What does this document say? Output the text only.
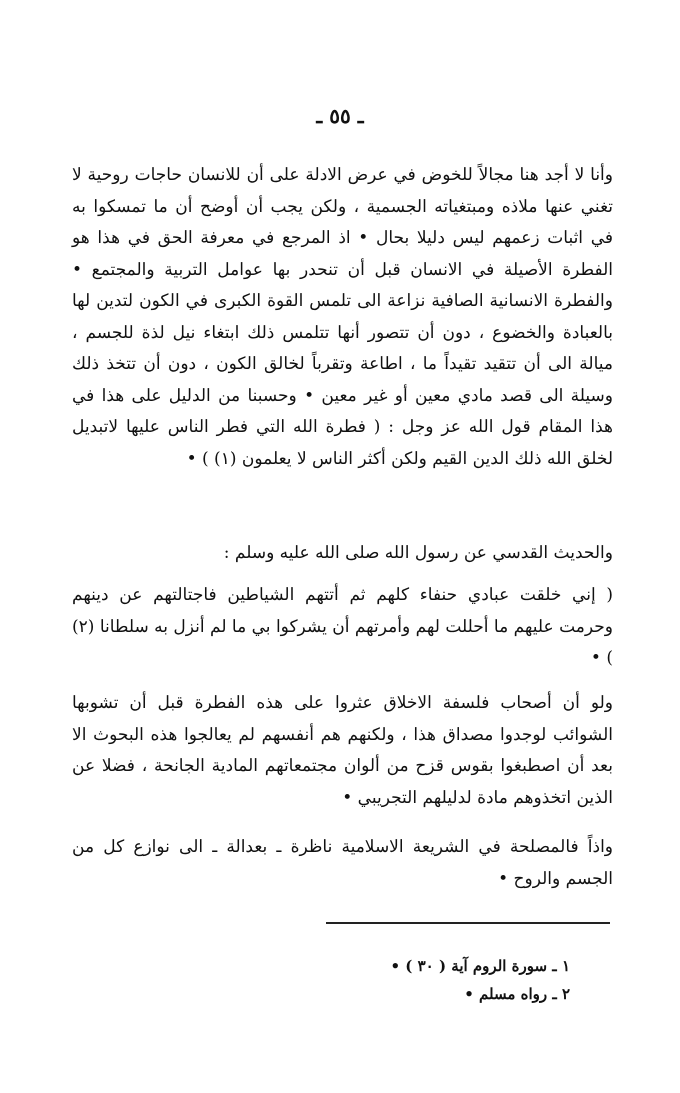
ـ ٥٥ ـ

وأنا لا أجد هنا مجالاً للخوض في عرض الادلة على أن للانسان حاجات روحية لا تغني عنها ملاذه ومبتغياته الجسمية ، ولكن يجب أن أوضح أن ما تمسكوا به في اثبات زعمهم ليس دليلا بحال • اذ المرجع في معرفة الحق في هذا هو الفطرة الأصيلة في الانسان قبل أن تنحدر بها عوامل التربية والمجتمع • والفطرة الانسانية الصافية نزاعة الى تلمس القوة الكبرى في الكون لتدين لها بالعبادة والخضوع ، دون أن تتصور أنها تتلمس ذلك ابتغاء نيل لذة للجسم ، ميالة الى أن تتقيد تقيداً ما ، اطاعة وتقرباً لخالق الكون ، دون أن تتخذ ذلك وسيلة الى قصد مادي معين أو غير معين • وحسبنا من الدليل على هذا في هذا المقام قول الله عز وجل : ( فطرة الله التي فطر الناس عليها لاتبديل لخلق الله ذلك الدين القيم ولكن أكثر الناس لا يعلمون (١) ) •

والحديث القدسي عن رسول الله صلى الله عليه وسلم :

( إني خلقت عبادي حنفاء كلهم ثم أتتهم الشياطين فاجتالتهم عن دينهم وحرمت عليهم ما أحللت لهم وأمرتهم أن يشركوا بي ما لم أنزل به سلطانا (٢) ) •

ولو أن أصحاب فلسفة الاخلاق عثروا على هذه الفطرة قبل أن تشوبها الشوائب لوجدوا مصداق هذا ، ولكنهم هم أنفسهم لم يعالجوا هذه البحوث الا بعد أن اصطبغوا بقوس قزح من ألوان مجتمعاتهم المادية الجانحة ، فضلا عن الذين اتخذوهم مادة لدليلهم التجريبي •

واذاً فالمصلحة في الشريعة الاسلامية ناظرة ـ بعدالة ـ الى نوازع كل من الجسم والروح •

١ ـ سورة الروم آية ( ٣٠ ) •
٢ ـ رواه مسلم •
